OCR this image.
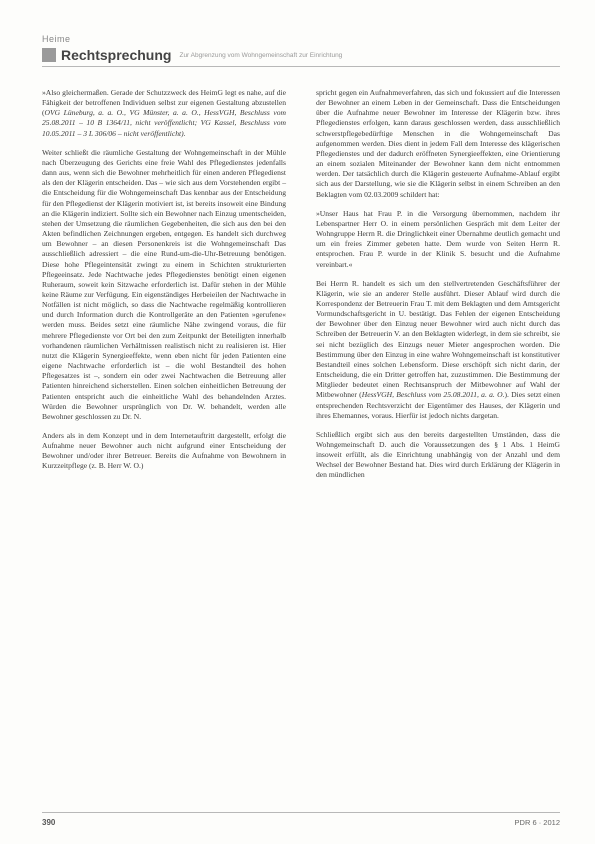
Heime
Rechtsprechung Zur Abgrenzung vom Wohngemeinschaft zur Einrichtung

»Also gleichermaßen. Gerade der Schutzzweck des HeimG legt es nahe, auf die Fähigkeit der betroffenen Individuen selbst zur eigenen Gestaltung abzustellen (OVG Lüneburg, a. a. O., VG Münster, a. a. O., HessVGH, Beschluss vom 25.08.2011 – 10 B 1364/11, nicht veröffentlicht; VG Kassel, Beschluss vom 10.05.2011 – 3 L 306/06 – nicht veröffentlicht).

Weiter schließt die räumliche Gestaltung der Wohngemeinschaft in der Mühle nach Überzeugung des Gerichts eine freie Wahl des Pflegedienstes jedenfalls dann aus, wenn sich die Bewohner mehrheitlich für einen anderen Pflegedienst als den der Klägerin entscheiden. Das – wie sich aus dem Vorstehenden ergibt – die Entscheidung für die Wohngemeinschaft Das kennbar aus der Entscheidung für den Pflegedienst der Klägerin motiviert ist, ist bereits insoweit eine Bindung an die Klägerin indiziert. Sollte sich ein Bewohner nach Einzug umentscheiden, stehen der Umsetzung die räumlichen Gegebenheiten, die sich aus den bei den Akten befindlichen Zeichnungen ergeben, entgegen. Es handelt sich durchweg um Bewohner – an diesen Personenkreis ist die Wohngemeinschaft Das ausschließlich adressiert – die eine Rund-um-die-Uhr-Betreuung benötigen. Diese hohe Pflegeintensität zwingt zu einem in Schichten strukturierten Pflegeeinsatz. Jede Nachtwache jedes Pflegedienstes benötigt einen eigenen Ruheraum, soweit kein Sitzwache erforderlich ist. Dafür stehen in der Mühle keine Räume zur Verfügung. Ein eigenständiges Herbeieilen der Nachtwache in Notfällen ist nicht möglich, so dass die Nachtwache regelmäßig kontrollieren und durch Information durch die Kontrollgeräte an den Patienten »gerufene« werden muss. Beides setzt eine räumliche Nähe zwingend voraus, die für mehrere Pflegedienste vor Ort bei den zum Zeitpunkt der Beteiligten innerhalb vorhandenen räumlichen Verhältnissen realistisch nicht zu realisieren ist. Hier nutzt die Klägerin Synergieeffekte, wenn eben nicht für jeden Patienten eine eigene Nachtwache erforderlich ist – die wohl Bestandteil des hohen Pflegesatzes ist –, sondern ein oder zwei Nachtwachen die Betreuung aller Patienten hinreichend sicherstellen. Einen solchen einheitlichen Betreuung der Patienten entspricht auch die einheitliche Wahl des behandelnden Arztes. Würden die Bewohner ursprünglich von Dr. W. behandelt, werden alle Bewohner geschlossen zu Dr. N.

Anders als in dem Konzept und in dem Internetauftritt dargestellt, erfolgt die Aufnahme neuer Bewohner auch nicht aufgrund einer Entscheidung der Bewohner und/oder ihrer Betreuer. Bereits die Aufnahme von Bewohnern in Kurzzeitpflege (z. B. Herr W. O.)

spricht gegen ein Aufnahmeverfahren, das sich und fokussiert auf die Interessen der Bewohner an einem Leben in der Gemeinschaft. Dass die Entscheidungen über die Aufnahme neuer Bewohner im Interesse der Klägerin bzw. ihres Pflegedienstes erfolgen, kann daraus geschlossen werden, dass ausschließlich schwerstpflegebedürftige Menschen in die Wohngemeinschaft Das aufgenommen werden. Dies dient in jedem Fall dem Interesse des klägerischen Pflegedienstes und der dadurch eröffneten Synergieeffekten, eine Orientierung an einem sozialen Miteinander der Bewohner kann dem nicht entnommen werden. Der tatsächlich durch die Klägerin gesteuerte Aufnahme-Ablauf ergibt sich aus der Darstellung, wie sie die Klägerin selbst in einem Schreiben an den Beklagten vom 02.03.2009 schildert hat:

»Unser Haus hat Frau P. in die Versorgung übernommen, nachdem ihr Lebenspartner Herr O. in einem persönlichen Gespräch mit dem Leiter der Wohngruppe Herrn R. die Dringlichkeit einer Übernahme deutlich gemacht und um ein freies Zimmer gebeten hatte. Dem wurde von Seiten Herrn R. entsprochen. Frau P. wurde in der Klinik S. besucht und die Aufnahme vereinbart.«

Bei Herrn R. handelt es sich um den stellvertretenden Geschäftsführer der Klägerin, wie sie an anderer Stelle ausführt. Dieser Ablauf wird durch die Korrespondenz der Betreuerin Frau T. mit dem Beklagten und dem Amtsgericht Vormundschaftsgericht in U. bestätigt. Das Fehlen der eigenen Entscheidung der Bewohner über den Einzug neuer Bewohner wird auch nicht durch das Schreiben der Betreuerin V. an den Beklagten widerlegt, in dem sie schreibt, sie sei nicht bezüglich des Einzugs neuer Mieter angesprochen worden. Die Bestimmung über den Einzug in eine wahre Wohngemeinschaft ist konstitutiver Bestandteil eines solchen Lebensform. Diese erschöpft sich nicht darin, der Entscheidung, die ein Dritter getroffen hat, zuzustimmen. Die Bestimmung der Mitglieder bedeutet einen Rechtsanspruch der Mitbewohner auf Wahl der Mitbewohner (HessVGH, Beschluss vom 25.08.2011, a. a. O.). Dies setzt einen entsprechenden Rechtsverzicht der Eigentümer des Hauses, der Klägerin und ihres Ehemannes, voraus. Hierfür ist jedoch nichts dargetan.

Schließlich ergibt sich aus den bereits dargestellten Umständen, dass die Wohngemeinschaft D. auch die Voraussetzungen des § 1 Abs. 1 HeimG insoweit erfüllt, als die Einrichtung unabhängig von der Anzahl und dem Wechsel der Bewohner Bestand hat. Dies wird durch Erklärung der Klägerin in den mündlichen

390	PDR 6 · 2012
